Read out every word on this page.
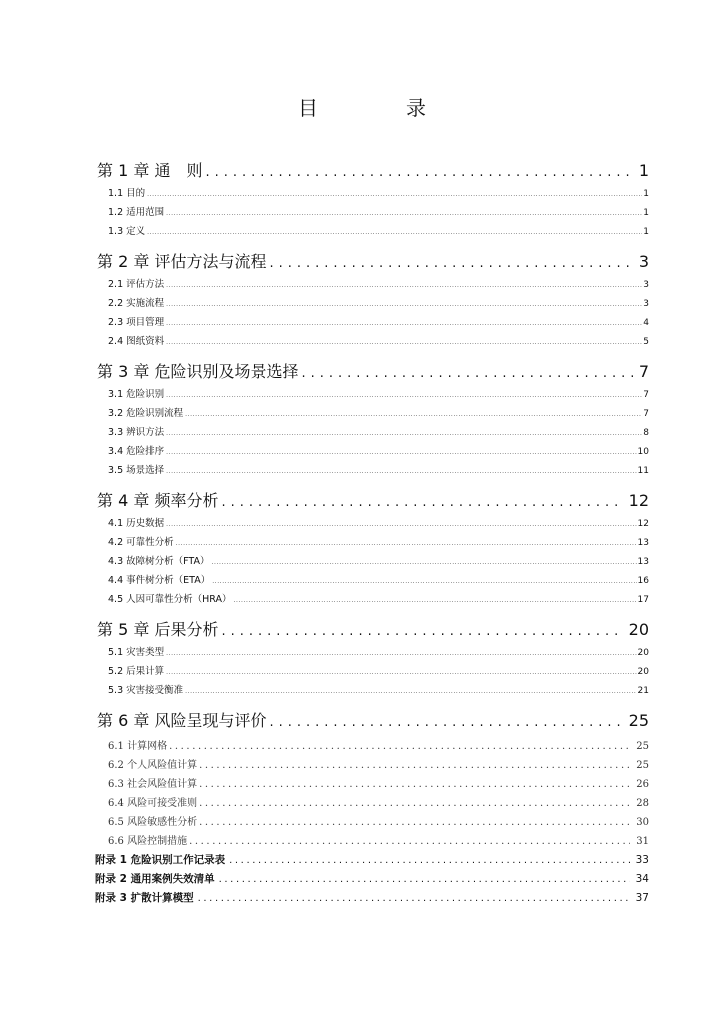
目　录
第 1 章 通　则 .....	1
1.1 目的 .....	1
1.2 适用范围 .....	1
1.3 定义 .....	1
第 2 章 评估方法与流程 .....	3
2.1 评估方法 .....	3
2.2 实施流程 .....	3
2.3 项目管理 .....	4
2.4 图纸资料 .....	5
第 3 章 危险识别及场景选择 .....	7
3.1 危险识别 .....	7
3.2 危险识别流程 .....	7
3.3 辨识方法 .....	8
3.4 危险排序 .....	10
3.5 场景选择 .....	11
第 4 章 频率分析 .....	12
4.1 历史数据 .....	12
4.2 可靠性分析 .....	13
4.3 故障树分析（FTA） .....	13
4.4 事件树分析（ETA） .....	16
4.5 人因可靠性分析（HRA） .....	17
第 5 章 后果分析 .....	20
5.1 灾害类型 .....	20
5.2 后果计算 .....	20
5.3 灾害接受衡准 .....	21
第 6 章 风险呈现与评价 .....	25
6.1 计算网格 .....	25
6.2 个人风险值计算 .....	25
6.3 社会风险值计算 .....	26
6.4 风险可接受准则 .....	28
6.5 风险敏感性分析 .....	30
6.6 风险控制措施 .....	31
附录 1 危险识别工作记录表 .....	33
附录 2 通用案例失效清单 .....	34
附录 3 扩散计算模型 .....	37
